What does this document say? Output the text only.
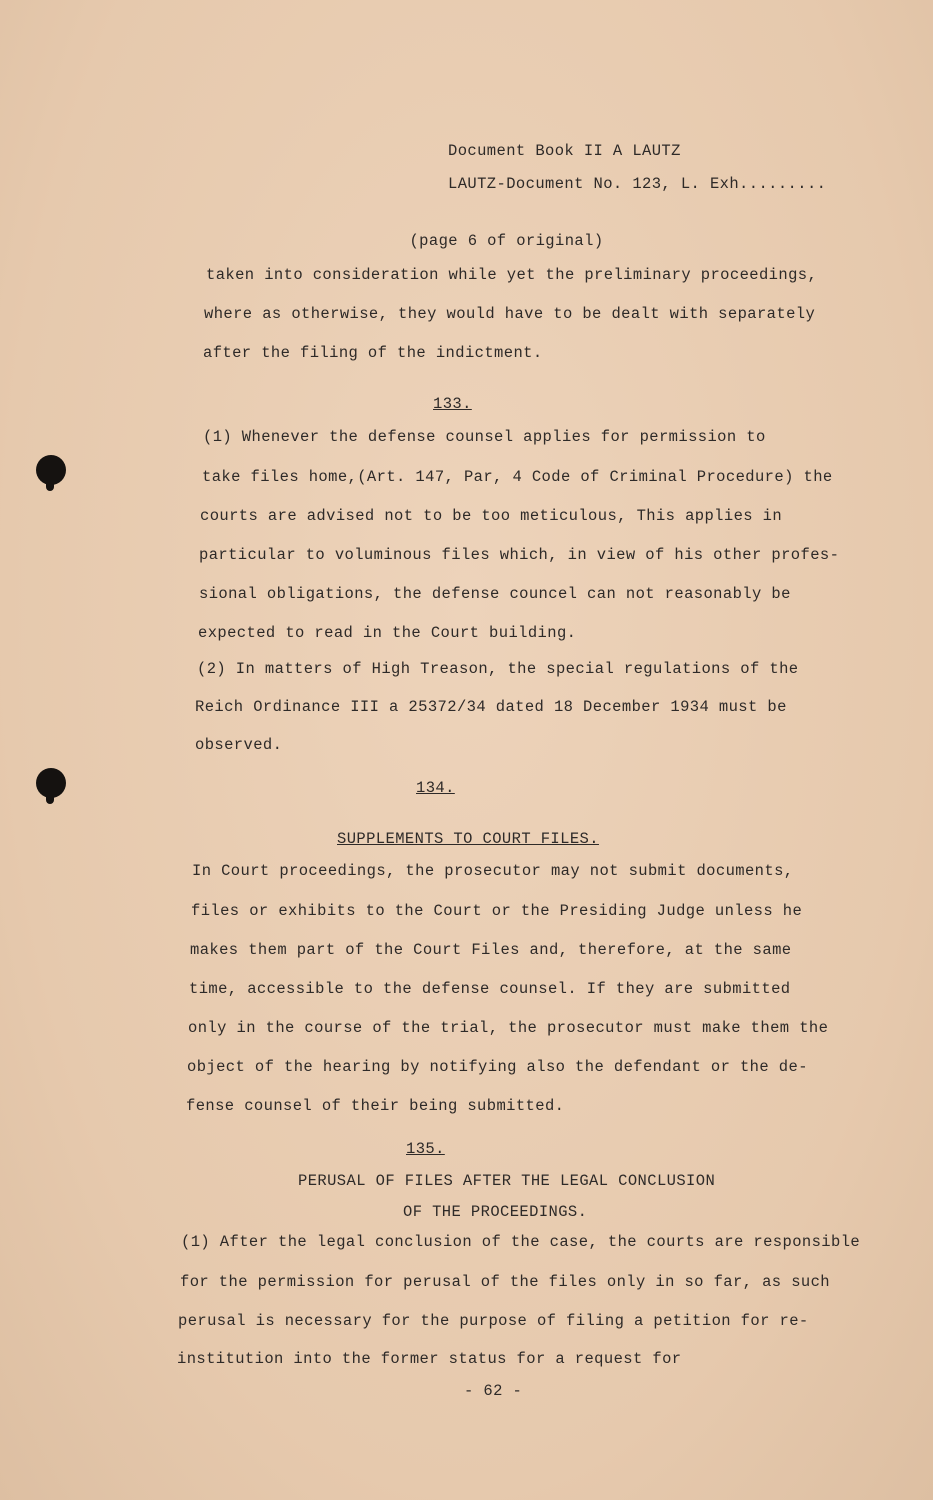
Document Book II A LAUTZ
LAUTZ-Document No. 123, L. Exh.........
(page 6 of original)
taken into consideration while yet the preliminary proceedings,
where as otherwise, they would have to be dealt with separately
after the filing of the indictment.
133.
(1) Whenever the defense counsel applies for permission to
take files home,(Art. 147, Par, 4 Code of Criminal Procedure) the
courts are advised not to be too meticulous, This applies in
particular to voluminous files which, in view of his other profes-
sional obligations, the defense councel can not reasonably be
expected to read in the Court building.
(2) In matters of High Treason, the special regulations of the
Reich Ordinance III a 25372/34 dated 18 December 1934 must be
observed.
134.
SUPPLEMENTS TO COURT FILES.
In Court proceedings, the prosecutor may not submit documents,
files or exhibits to the Court or the Presiding Judge unless he
makes them part of the Court Files and, therefore, at the same
time, accessible to the defense counsel. If they are submitted
only in the course of the trial, the prosecutor must make them the
object of the hearing by notifying also the defendant or the de-
fense counsel of their being submitted.
135.
PERUSAL OF FILES AFTER THE LEGAL CONCLUSION
OF THE PROCEEDINGS.
(1) After the legal conclusion of the case, the courts are responsible
for the permission for perusal of the files only in so far, as such
perusal is necessary for the purpose of filing a petition for re-
institution into the former status for a request for
- 62 -
